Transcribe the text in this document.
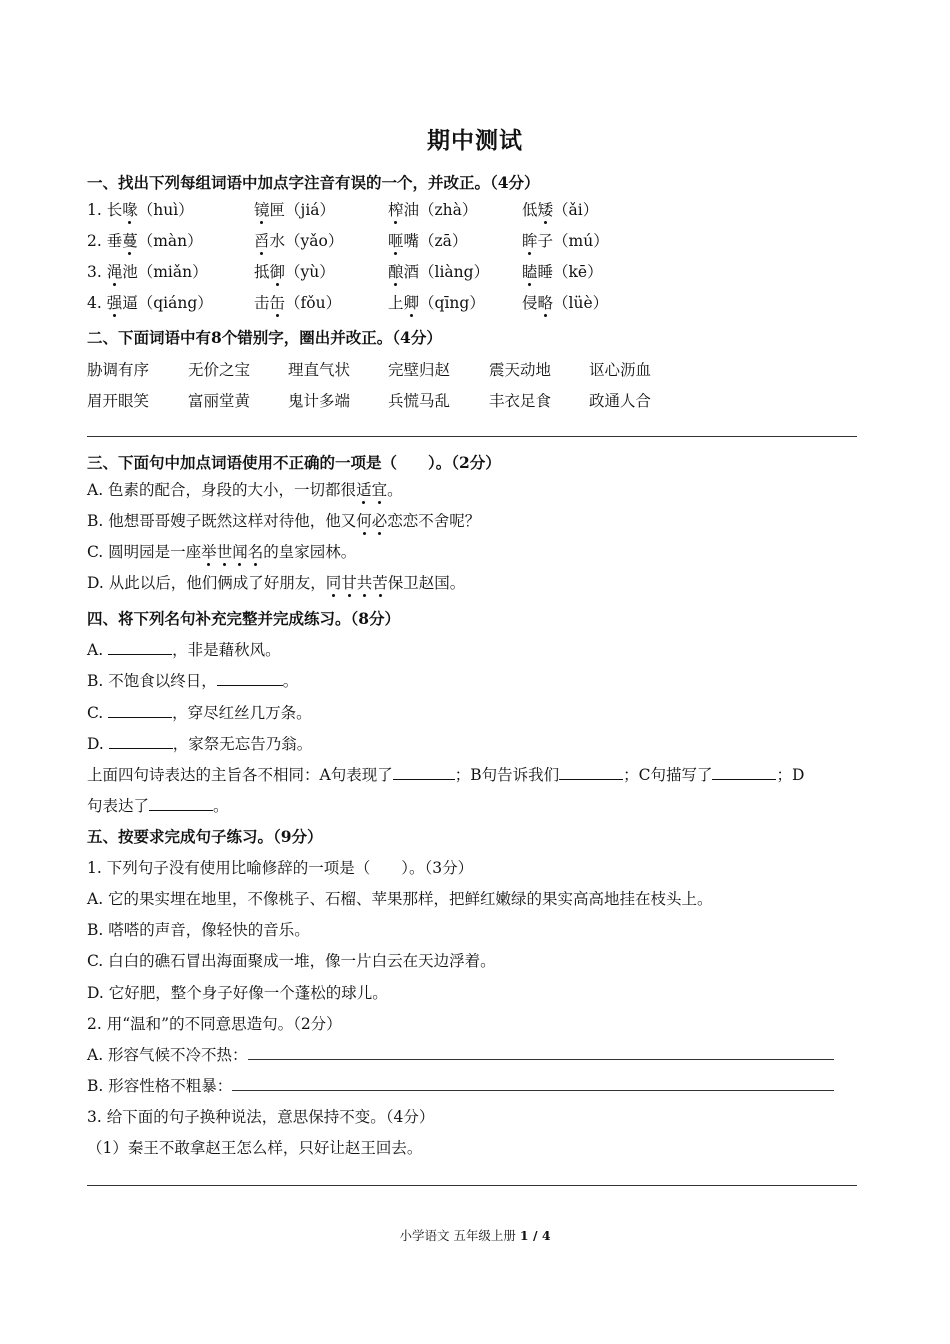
期中测试
一、找出下列每组词语中加点字注音有误的一个，并改正。（4分）
1. 长喙（huì）	镜匣（jiá）	榨油（zhà）	低矮（ǎi）
2. 垂蔓（màn）	舀水（yǎo）	咂嘴（zā）	眸子（mú）
3. 渑池（miǎn）	抵御（yù）	酿酒（liàng） 瞌睡（kē）
4. 强逼（qiáng）	击缶（fǒu）	上卿（qīng） 侵略（lüè）
二、下面词语中有8个错别字，圈出并改正。（4分）
胁调有序	无价之宝 理直气状 完壁归赵	震天动地 讴心沥血
眉开眼笑	富丽堂黄 鬼计多端 兵慌马乱	丰衣足食 政通人合
三、下面句中加点词语使用不正确的一项是（　　）。（2分）
A. 色素的配合，身段的大小，一切都很适宜。
B. 他想哥哥嫂子既然这样对待他，他又何必恋恋不舍呢？
C. 圆明园是一座举世闻名的皇家园林。
D. 从此以后，他们俩成了好朋友，同甘共苦保卫赵国。
四、将下列名句补充完整并完成练习。（8分）
A.	，非是藉秋风。
B. 不饱食以终日，	。
C.	，穿尽红丝几万条。
D.	，家祭无忘告乃翁。
上面四句诗表达的主旨各不相同：A句表现了	；B句告诉我们	；C句描写了	；D
句表达了	。
五、按要求完成句子练习。（9分）
1. 下列句子没有使用比喻修辞的一项是（　　）。（3分）
A. 它的果实埋在地里，不像桃子、石榴、苹果那样，把鲜红嫩绿的果实高高地挂在枝头上。
B. 嗒嗒的声音，像轻快的音乐。
C. 白白的礁石冒出海面聚成一堆，像一片白云在天边浮着。
D. 它好肥，整个身子好像一个蓬松的球儿。
2. 用“温和”的不同意思造句。（2分）
A. 形容气候不冷不热：
B. 形容性格不粗暴：
3. 给下面的句子换种说法，意思保持不变。（4分）
（1）秦王不敢拿赵王怎么样，只好让赵王回去。
小学语文 五年级上册 1 / 4
